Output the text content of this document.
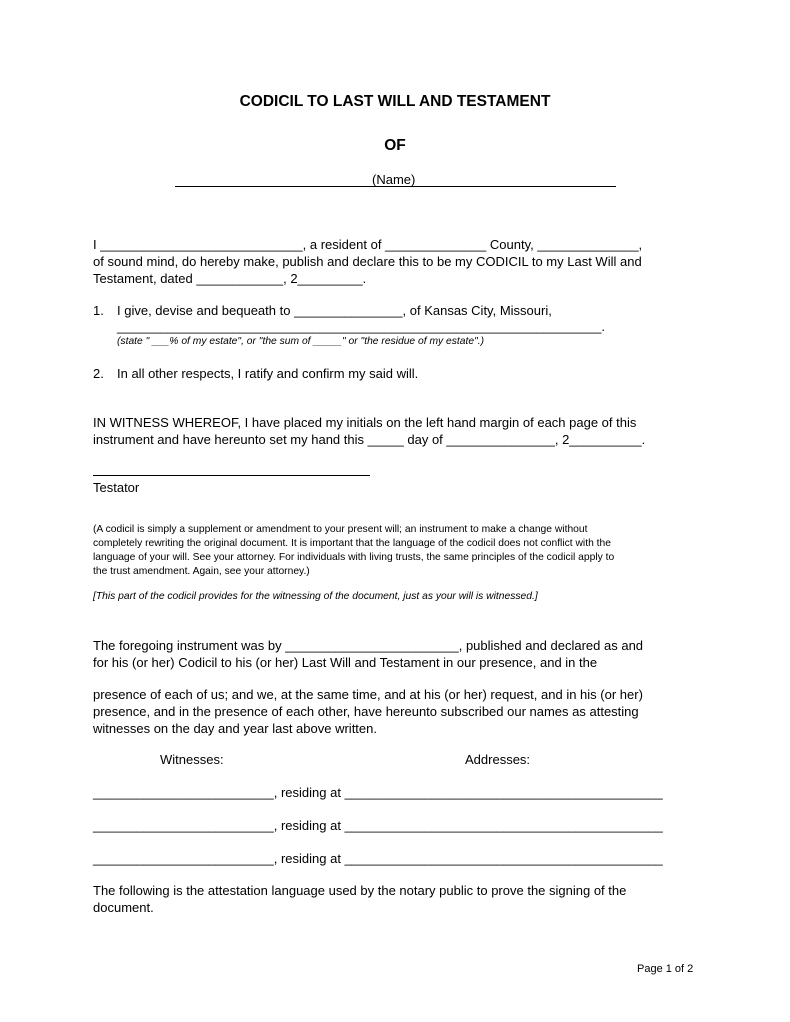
CODICIL TO LAST WILL AND TESTAMENT
OF
(Name)
I ____________________________, a resident of ______________ County, ______________,
of sound mind, do hereby make, publish and declare this to be my CODICIL to my Last Will and
Testament, dated ____________, 2_________.
1. I give, devise and bequeath to _______________, of Kansas City, Missouri,
___________________________________________________________________.
(state " ___% of my estate", or "the sum of _____" or "the residue of my estate".)
2. In all other respects, I ratify and confirm my said will.
IN WITNESS WHEREOF, I have placed my initials on the left hand margin of each page of this
instrument and have hereunto set my hand this _____ day of _______________, 2__________.
Testator
(A codicil is simply a supplement or amendment to your present will; an instrument to make a change without
completely rewriting the original document. It is important that the language of the codicil does not conflict with the
language of your will. See your attorney. For individuals with living trusts, the same principles of the codicil apply to
the trust amendment. Again, see your attorney.)
[This part of the codicil provides for the witnessing of the document, just as your will is witnessed.]
The foregoing instrument was by ________________________, published and declared as and
for his (or her) Codicil to his (or her) Last Will and Testament in our presence, and in the
presence of each of us; and we, at the same time, and at his (or her) request, and in his (or her)
presence, and in the presence of each other, have hereunto subscribed our names as attesting
witnesses on the day and year last above written.
Witnesses:	Addresses:
_________________________, residing at ____________________________________________
_________________________, residing at ____________________________________________
_________________________, residing at ____________________________________________
The following is the attestation language used by the notary public to prove the signing of the
document.
Page 1 of 2
